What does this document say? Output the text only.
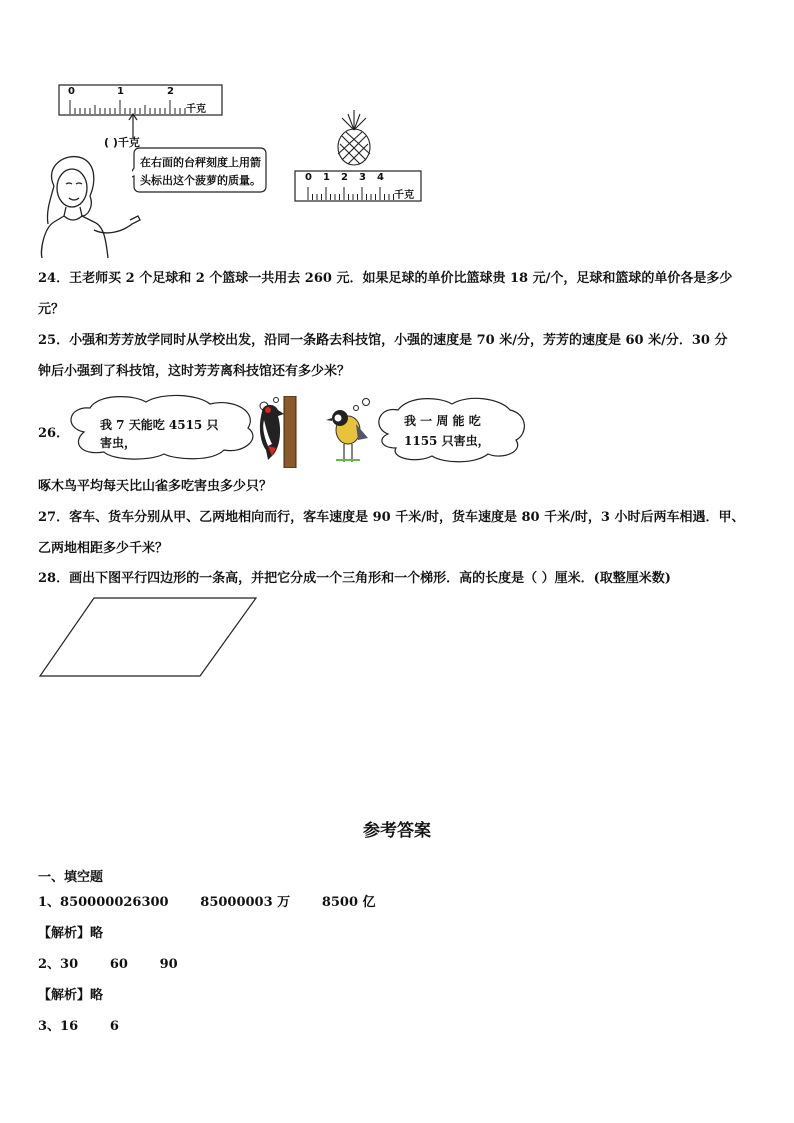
0	1	2
千克
( )千克
在右面的台秤刻度上用箭
头标出这个菠萝的质量。	0 1 2 3 4
千克
24．王老师买 2 个足球和 2 个篮球一共用去 260 元．如果足球的单价比篮球贵 18 元/个，足球和篮球的单价各是多少
元？
25．小强和芳芳放学同时从学校出发，沿同一条路去科技馆，小强的速度是 70 米/分，芳芳的速度是 60 米/分．30 分
钟后小强到了科技馆，这时芳芳离科技馆还有多少米？
26．
我 7 天能吃 4515 只
害虫，
我 一 周 能 吃
1155 只害虫，
啄木鸟平均每天比山雀多吃害虫多少只？
27．客车、货车分别从甲、乙两地相向而行，客车速度是 90 千米/时，货车速度是 80 千米/时，3 小时后两车相遇．甲、
乙两地相距多少千米？
28．画出下图平行四边形的一条高，并把它分成一个三角形和一个梯形．高的长度是（ ）厘米．(取整厘米数)
参考答案
一、填空题
1、850000026300       85000003 万       8500 亿
【解析】略
2、30       60       90
【解析】略
3、16       6
